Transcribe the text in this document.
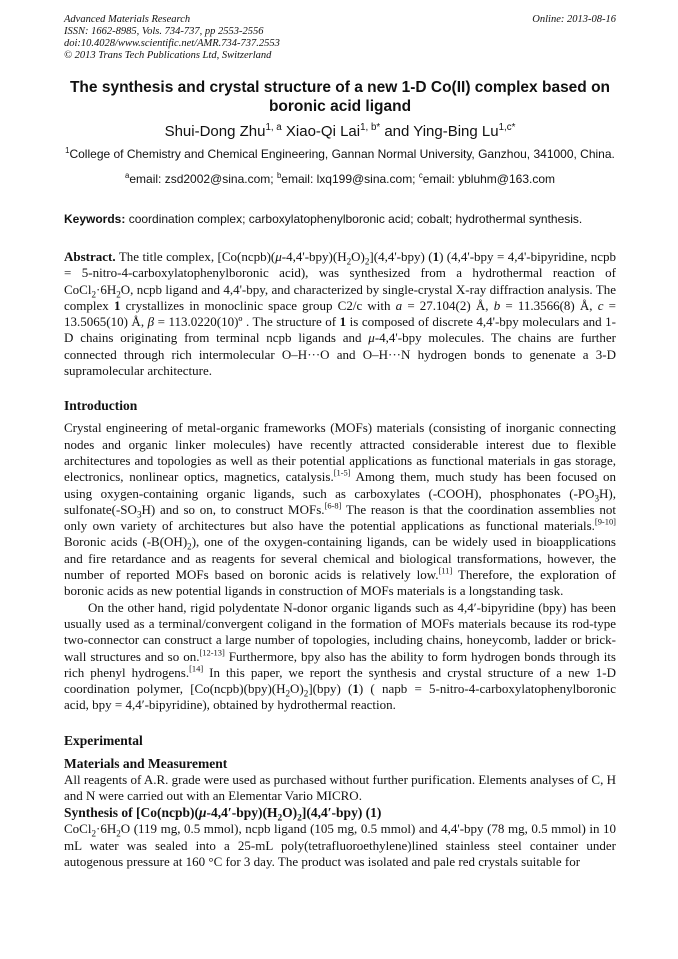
Advanced Materials Research
ISSN: 1662-8985, Vols. 734-737, pp 2553-2556
doi:10.4028/www.scientific.net/AMR.734-737.2553
© 2013 Trans Tech Publications Ltd, Switzerland
Online: 2013-08-16
The synthesis and crystal structure of a new 1-D Co(II) complex based on boronic acid ligand
Shui-Dong Zhu$^{1, a}$ Xiao-Qi Lai$^{1, b*}$ and Ying-Bing $Lu^{1,c*}$
$^1$College of Chemistry and Chemical Engineering, Gannan Normal University, Ganzhou, 341000, China.
$^a$email: zsd2002@sina.com; $^b$email: lxq199@sina.com; $^c$email: ybluhm@163.com
Keywords: coordination complex; carboxylatophenylboronic acid; cobalt; hydrothermal synthesis.

Abstract. The title complex, $[Co(ncpb)(\mu-4,4'-bpy)(H_2O)_2](4,4'-bpy)$ (1) (4,4'-bpy = 4,4'-bipyridine, ncpb = 5-nitro-4-carboxylatophenylboronic acid), was synthesized from a hydrothermal reaction of $CoCl_2\cdot 6H_2O$, ncpb ligand and 4,4'-bpy, and characterized by single-crystal X-ray diffraction analysis. The complex 1 crystallizes in monoclinic space group C2/c with a = 27.104(2) Å, b = 11.3566(8) Å, c = 13.5065(10) Å, β = 113.0220(10)º . The structure of 1 is composed of discrete 4,4'-bpy moleculars and 1-D chains originating from terminal ncpb ligands and μ-4,4'-bpy molecules. The chains are further connected through rich intermolecular O–H···O and O–H···N hydrogen bonds to genenate a 3-D supramolecular architecture.

Introduction

Crystal engineering of metal-organic frameworks (MOFs) materials (consisting of inorganic connecting nodes and organic linker molecules) have recently attracted considerable interest due to flexible architectures and topologies as well as their potential applications as functional materials in gas storage, electronics, nonlinear optics, magnetics, catalysis.[1-5] Among them, much study has been focused on using oxygen-containing organic ligands, such as carboxylates (-COOH), phosphonates $(-PO_3H)$, $sulfonate(-SO_3H)$ and so on, to construct MOFs.[6-8] The reason is that the coordination assemblies not only own variety of architectures but also have the potential applications as functional materials.[9-10] Boronic acids $(-B(OH)_2)$, one of the oxygen-containing ligands, can be widely used in bioapplications and fire retardance and as reagents for several chemical and biological transformations, however, the number of reported MOFs based on boronic acids is relatively low.[11] Therefore, the exploration of boronic acids as new potential ligands in construction of MOFs materials is a longstanding task.

On the other hand, rigid polydentate N-donor organic ligands such as 4,4′-bipyridine (bpy) has been usually used as a terminal/convergent coligand in the formation of MOFs materials because its rod-type two-connector can construct a large number of topologies, including chains, honeycomb, ladder or brick-wall structures and so on.[12-13] Furthermore, bpy also has the ability to form hydrogen bonds through its rich phenyl hydrogens.[14] In this paper, we report the synthesis and crystal structure of a new 1-D coordination polymer, $[Co(ncpb)(bpy)(H_2O)_2](bpy)$ (1) ( napb = 5-nitro-4-carboxylatophenylboronic acid, bpy = 4,4′-bipyridine), obtained by hydrothermal reaction.

Experimental
Materials and Measurement

All reagents of A.R. grade were used as purchased without further purification. Elements analyses of C, H and N were carried out with an Elementar Vario MICRO.

Synthesis of $[Co(ncpb)(\mu-4,4'-bpy)(H_2O)_2](4,4'-bpy)$ (1)

$CoCl_2\cdot 6H_2O$ (119 mg, 0.5 mmol), ncpb ligand (105 mg, 0.5 mmol) and 4,4'-bpy (78 mg, 0.5 mmol) in 10 mL water was sealed into a 25-mL poly(tetrafluoroethylene)lined stainless steel container under autogenous pressure at 160 °C for 3 day. The product was isolated and pale red crystals suitable for
